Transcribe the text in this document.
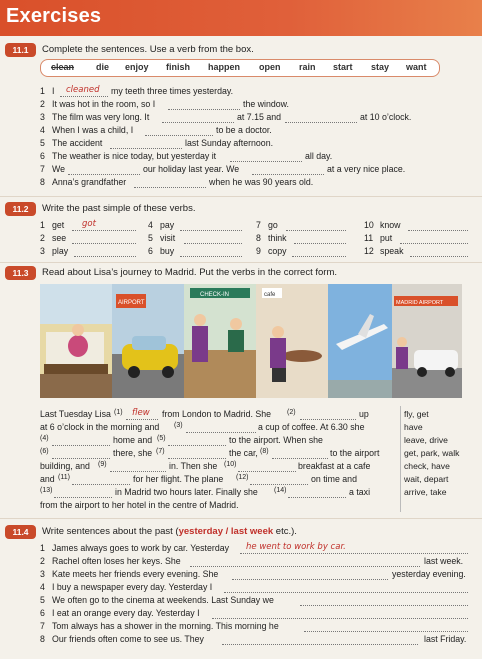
Exercises
11.1	Complete the sentences. Use a verb from the box.
clean die enjoy finish happen open rain start stay want
1 I cleaned my teeth three times yesterday.
2 It was hot in the room, so I	the window.
3 The film was very long. It	at 7.15 and	at 10 o’clock.
4 When I was a child, I	to be a doctor.
5 The accident	last Sunday afternoon.
6 The weather is nice today, but yesterday it	all day.
7 We	our holiday last year. We	at a very nice place.
8 Anna’s grandfather	when he was 90 years old.
11.2	Write the past simple of these verbs.
1 get got
2 see
3 play
4 pay
5 visit
6 buy
7 go
8 think
9 copy
10 know
11 put
12 speak
11.3	Read about Lisa’s journey to Madrid. Put the verbs in the correct form.
AIRPORT
CHECK-IN	cafe
MADRID AIRPORT
Last Tuesday Lisa (1) flew from London to Madrid. She (2)	up
at 6 o’clock in the morning and (3)	a cup of coffee. At 6.30 she
(4)	home and (5)	to the airport. When she
(6)	there, she (7)	the car, (8)	to the airport
building, and (9)	in. Then she (10)	breakfast at a cafe
and (11)	for her flight. The plane (12)	on time and
(13)	in Madrid two hours later. Finally she (14)	a taxi
from the airport to her hotel in the centre of Madrid.
fly, get
have
leave, drive
get, park, walk
check, have
wait, depart
arrive, take
11.4	Write sentences about the past (yesterday / last week etc.).
1 James always goes to work by car. Yesterday he went to work by car.
2 Rachel often loses her keys. She	last week.
3 Kate meets her friends every evening. She	yesterday evening.
4 I buy a newspaper every day. Yesterday I
5 We often go to the cinema at weekends. Last Sunday we
6 I eat an orange every day. Yesterday I
7 Tom always has a shower in the morning. This morning he
8 Our friends often come to see us. They	last Friday.
